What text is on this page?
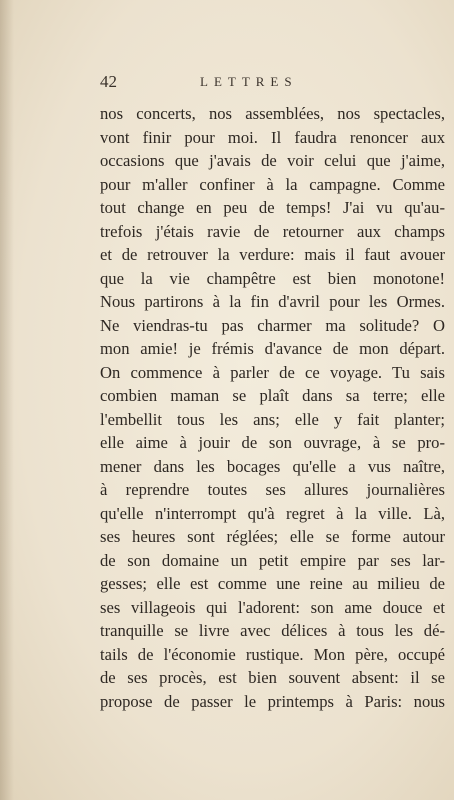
42	LETTRES
nos concerts, nos assemblées, nos spectacles,
vont finir pour moi. Il faudra renoncer aux
occasions que j'avais de voir celui que j'aime,
pour m'aller confiner à la campagne. Comme
tout change en peu de temps! J'ai vu qu'au-
trefois j'étais ravie de retourner aux champs
et de retrouver la verdure: mais il faut avouer
que la vie champêtre est bien monotone!
Nous partirons à la fin d'avril pour les Ormes.
Ne viendras-tu pas charmer ma solitude? O
mon amie! je frémis d'avance de mon départ.
On commence à parler de ce voyage. Tu sais
combien maman se plaît dans sa terre; elle
l'embellit tous les ans; elle y fait planter;
elle aime à jouir de son ouvrage, à se pro-
mener dans les bocages qu'elle a vus naître,
à reprendre toutes ses allures journalières
qu'elle n'interrompt qu'à regret à la ville. Là,
ses heures sont réglées; elle se forme autour
de son domaine un petit empire par ses lar-
gesses; elle est comme une reine au milieu de
ses villageois qui l'adorent: son ame douce et
tranquille se livre avec délices à tous les dé-
tails de l'économie rustique. Mon père, occupé
de ses procès, est bien souvent absent: il se
propose de passer le printemps à Paris: nous
